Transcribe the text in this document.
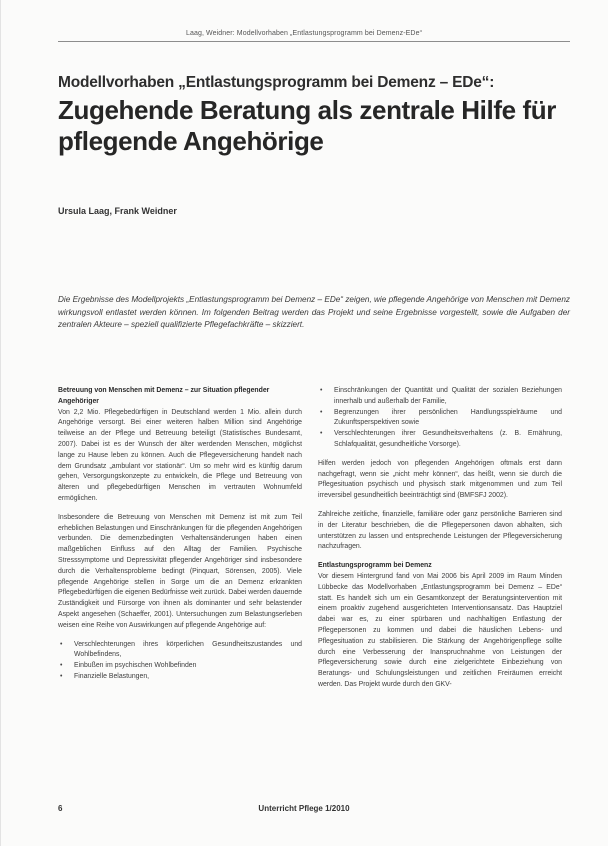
Laag, Weidner: Modellvorhaben „Entlastungsprogramm bei Demenz-EDe“
Modellvorhaben „Entlastungsprogramm bei Demenz – EDe“:
Zugehende Beratung als zentrale Hilfe für pflegende Angehörige
Ursula Laag, Frank Weidner
Die Ergebnisse des Modellprojekts „Entlastungsprogramm bei Demenz – EDe“ zeigen, wie pflegende Angehörige von Menschen mit Demenz wirkungsvoll entlastet werden können. Im folgenden Beitrag werden das Projekt und seine Ergebnisse vorgestellt, sowie die Aufgaben der zentralen Akteure – speziell qualifizierte Pflegefachkräfte – skizziert.
Betreuung von Menschen mit Demenz – zur Situation pflegender Angehöriger

Von 2,2 Mio. Pflegebedürftigen in Deutschland werden 1 Mio. allein durch Angehörige versorgt. Bei einer weiteren halben Million sind Angehörige teilweise an der Pflege und Betreuung beteiligt (Statistisches Bundesamt, 2007). Dabei ist es der Wunsch der älter werdenden Menschen, möglichst lange zu Hause leben zu können. Auch die Pflegeversicherung handelt nach dem Grundsatz „ambulant vor stationär“. Um so mehr wird es künftig darum gehen, Versorgungskonzepte zu entwickeln, die Pflege und Betreuung von älteren und pflegebedürftigen Menschen im vertrauten Wohnumfeld ermöglichen.

Insbesondere die Betreuung von Menschen mit Demenz ist mit zum Teil erheblichen Belastungen und Einschränkungen für die pflegenden Angehörigen verbunden. Die demenzbedingten Verhaltensänderungen haben einen maßgeblichen Einfluss auf den Alltag der Familien. Psychische Stresssymptome und Depressivität pflegender Angehöriger sind insbesondere durch die Verhaltensprobleme bedingt (Pinquart, Sörensen, 2005). Viele pflegende Angehörige stellen in Sorge um die an Demenz erkrankten Pflegebedürftigen die eigenen Bedürfnisse weit zurück. Dabei werden dauernde Zuständigkeit und Fürsorge von ihnen als dominanter und sehr belastender Aspekt angesehen (Schaeffer, 2001). Untersuchungen zum Belastungserleben weisen eine Reihe von Auswirkungen auf pflegende Angehörige auf:

• Verschlechterungen ihres körperlichen Gesundheitszustandes und Wohlbefindens,
• Einbußen im psychischen Wohlbefinden
• Finanzielle Belastungen,
• Einschränkungen der Quantität und Qualität der sozialen Beziehungen innerhalb und außerhalb der Familie,
• Begrenzungen ihrer persönlichen Handlungsspielräume und Zukunftsperspektiven sowie
• Verschlechterungen ihrer Gesundheitsverhaltens (z. B. Ernährung, Schlafqualität, gesundheitliche Vorsorge).

Hilfen werden jedoch von pflegenden Angehörigen oftmals erst dann nachgefragt, wenn sie „nicht mehr können“, das heißt, wenn sie durch die Pflegesituation psychisch und physisch stark mitgenommen und zum Teil irreversibel gesundheitlich beeinträchtigt sind (BMFSFJ 2002).

Zahlreiche zeitliche, finanzielle, familiäre oder ganz persönliche Barrieren sind in der Literatur beschrieben, die die Pflegepersonen davon abhalten, sich unterstützen zu lassen und entsprechende Leistungen der Pflegeversicherung nachzufragen.

Entlastungsprogramm bei Demenz

Vor diesem Hintergrund fand von Mai 2006 bis April 2009 im Raum Minden Lübbecke das Modellvorhaben „Entlastungsprogramm bei Demenz – EDe“ statt. Es handelt sich um ein Gesamtkonzept der Beratungsintervention mit einem proaktiv zugehend ausgerichteten Interventionsansatz. Das Hauptziel dabei war es, zu einer spürbaren und nachhaltigen Entlastung der Pflegepersonen zu kommen und dabei die häuslichen Lebens- und Pflegesituation zu stabilisieren. Die Stärkung der Angehörigenpflege sollte durch eine Verbesserung der Inanspruchnahme von Leistungen der Pflegeversicherung sowie durch eine zielgerichtete Einbeziehung von Beratungs- und Schulungsleistungen und zeitlichen Freiräumen erreicht werden. Das Projekt wurde durch den GKV-

6	Unterricht Pflege 1/2010
